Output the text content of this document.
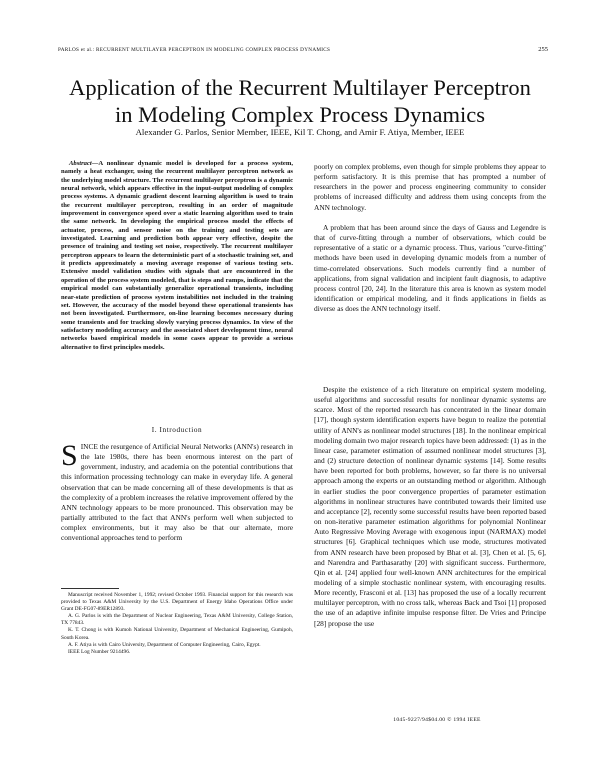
PARLOS et al.: RECURRENT MULTILAYER PERCEPTRON IN MODELING COMPLEX PROCESS DYNAMICS	255
Application of the Recurrent Multilayer Perceptron
in Modeling Complex Process Dynamics
Alexander G. Parlos, Senior Member, IEEE, Kil T. Chong, and Amir F. Atiya, Member, IEEE

Abstract—A nonlinear dynamic model is developed for a process system, namely a heat exchanger, using the recurrent multilayer perceptron network as the underlying model structure. The recurrent multilayer perceptron is a dynamic neural network, which appears effective in the input-output modeling of complex process systems. A dynamic gradient descent learning algorithm is used to train the recurrent multilayer perceptron, resulting in an order of magnitude improvement in convergence speed over a static learning algorithm used to train the same network. In developing the empirical process model the effects of actuator, process, and sensor noise on the training and testing sets are investigated. Learning and prediction both appear very effective, despite the presence of training and testing set noise, respectively. The recurrent multilayer perceptron appears to learn the deterministic part of a stochastic training set, and it predicts approximately a moving average response of various testing sets. Extensive model validation studies with signals that are encountered in the operation of the process system modeled, that is steps and ramps, indicate that the empirical model can substantially generalize operational transients, including near-state prediction of process system instabilities not included in the training set. However, the accuracy of the model beyond these operational transients has not been investigated. Furthermore, on-line learning becomes necessary during some transients and for tracking slowly varying process dynamics. In view of the satisfactory modeling accuracy and the associated short development time, neural networks based empirical models in some cases appear to provide a serious alternative to first principles models.

I. Introduction

SINCE the resurgence of Artificial Neural Networks (ANN's) research in the late 1980s, there has been enormous interest on the part of government, industry, and academia on the potential contributions that this information processing technology can make in everyday life. A general observation that can be made concerning all of these developments is that as the complexity of a problem increases the relative improvement offered by the ANN technology appears to be more pronounced. This observation may be partially attributed to the fact that ANN's perform well when subjected to complex environments, but it may also be that our alternate, more conventional approaches tend to perform

Manuscript received November 1, 1992; revised October 1993. Financial support for this research was provided to Texas A&M University by the U.S. Department of Energy Idaho Operations Office under Grant DE-FG07-89ER12893.

A. G. Parlos is with the Department of Nuclear Engineering, Texas A&M University, College Station, TX 77843.

K. T. Chong is with Kumoh National University, Department of Mechanical Engineering, Gumipoh, South Korea.

A. F. Atiya is with Cairo University, Department of Computer Engineering, Cairo, Egypt.

IEEE Log Number 9214496.

poorly on complex problems, even though for simple problems they appear to perform satisfactory. It is this premise that has prompted a number of researchers in the power and process engineering community to consider problems of increased difficulty and address them using concepts from the ANN technology.

A problem that has been around since the days of Gauss and Legendre is that of curve-fitting through a number of observations, which could be representative of a static or a dynamic process. Thus, various "curve-fitting" methods have been used in developing dynamic models from a number of time-correlated observations. Such models currently find a number of applications, from signal validation and incipient fault diagnosis, to adaptive process control [20, 24]. In the literature this area is known as system model identification or empirical modeling, and it finds applications in fields as diverse as does the ANN technology itself.

Despite the existence of a rich literature on empirical system modeling, useful algorithms and successful results for nonlinear dynamic systems are scarce. Most of the reported research has concentrated in the linear domain [17], though system identification experts have begun to realize the potential utility of ANN's as nonlinear model structures [18]. In the nonlinear empirical modeling domain two major research topics have been addressed: (1) as in the linear case, parameter estimation of assumed nonlinear model structures [3], and (2) structure detection of nonlinear dynamic systems [14]. Some results have been reported for both problems, however, so far there is no universal approach among the experts or an outstanding method or algorithm. Although in earlier studies the poor convergence properties of parameter estimation algorithms in nonlinear structures have contributed towards their limited use and acceptance [2], recently some successful results have been reported based on non-iterative parameter estimation algorithms for polynomial Nonlinear Auto Regressive Moving Average with exogenous input (NARMAX) model structures [6]. Graphical techniques which use mode, structures motivated from ANN research have been proposed by Bhat et al. [3], Chen et al. [5, 6], and Narendra and Parthasarathy [20] with significant success. Furthermore, Qin et al. [24] applied four well-known ANN architectures for the empirical modeling of a simple stochastic nonlinear system, with encouraging results. More recently, Frasconi et al. [13] has proposed the use of a locally recurrent multilayer perceptron, with no cross talk, whereas Back and Tsoi [1] proposed the use of an adaptive infinite impulse response filter. De Vries and Principe [28] propose the use

1045-9227/94$04.00 © 1994 IEEE
